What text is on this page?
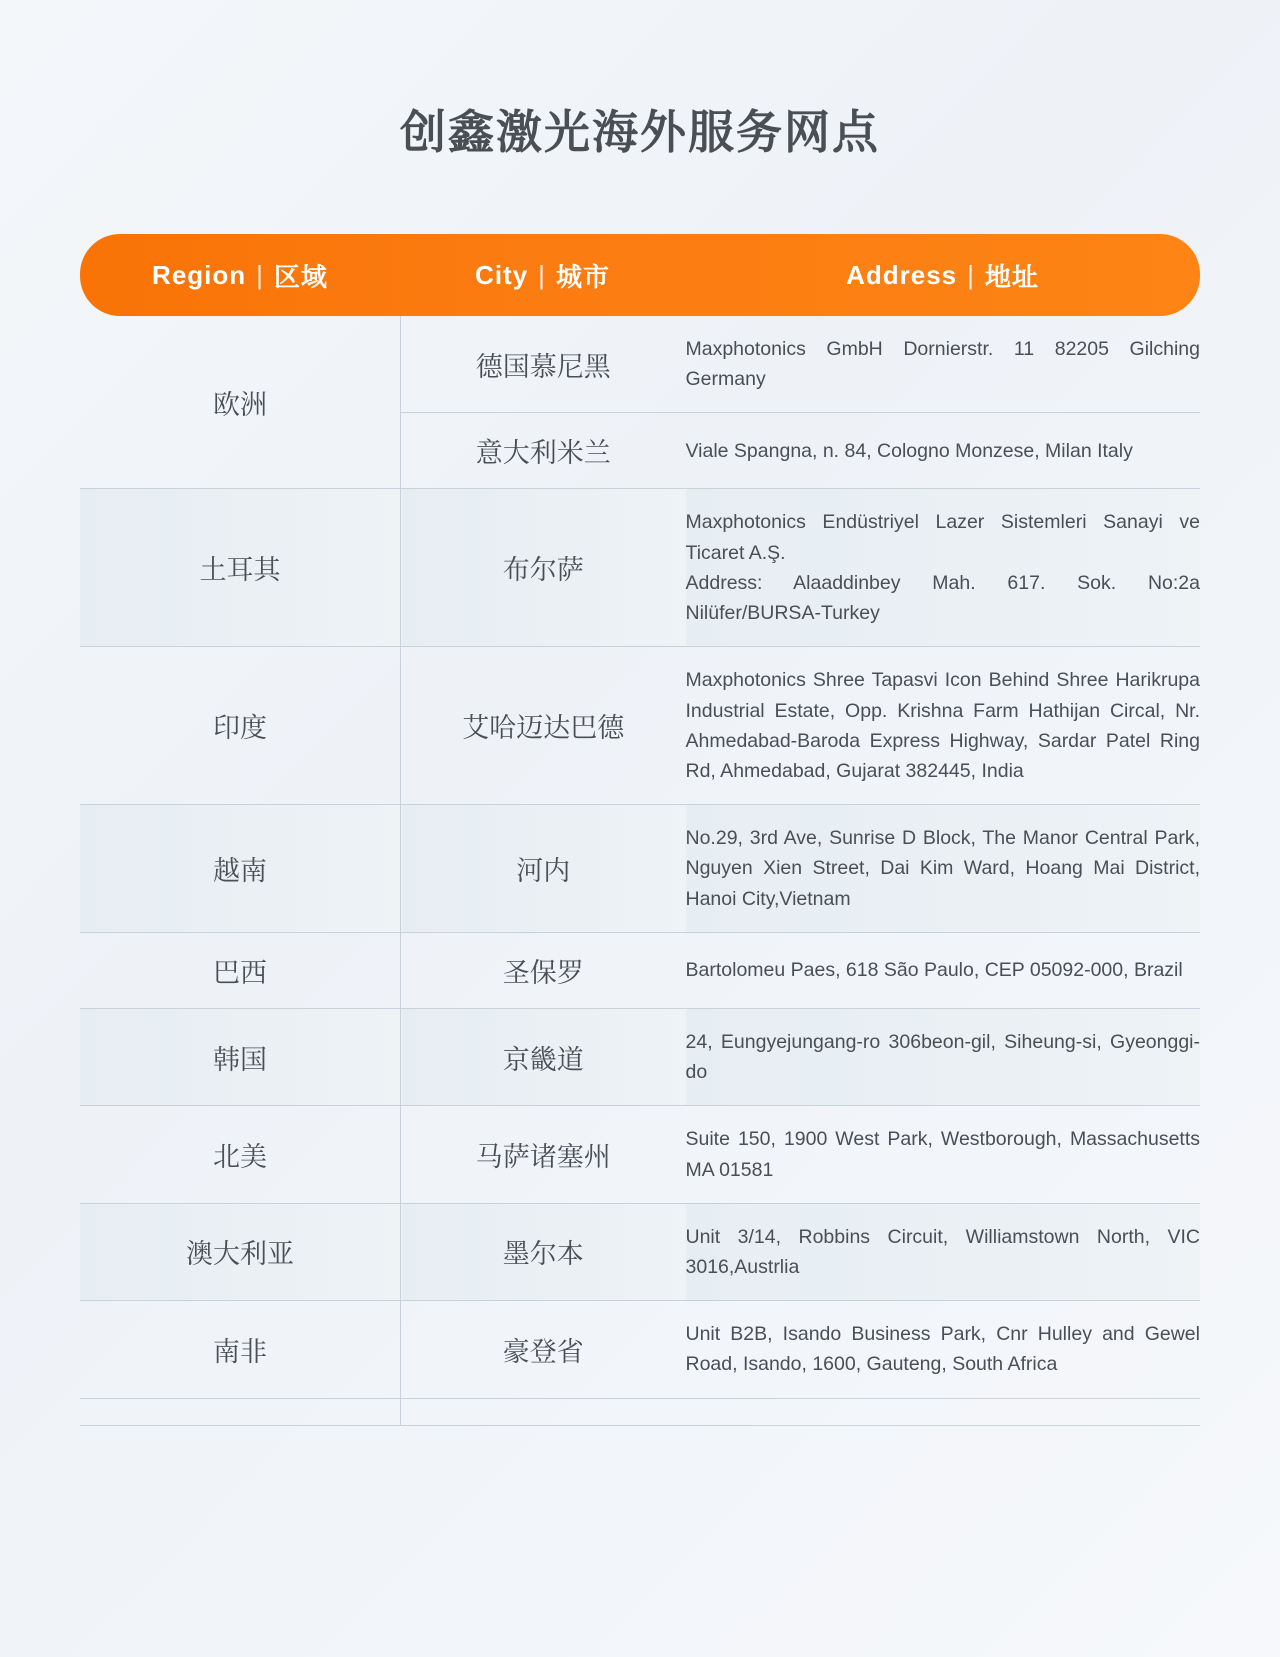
创鑫激光海外服务网点
Region | 区域	City | 城市	Address | 地址
欧洲	德国慕尼黑	Maxphotonics GmbH Dornierstr. 11 82205 Gilching Germany
	意大利米兰	Viale Spangna, n. 84, Cologno Monzese, Milan Italy
土耳其	布尔萨	Maxphotonics Endüstriyel Lazer Sistemleri Sanayi ve Ticaret A.Ş.
Address: Alaaddinbey Mah. 617. Sok. No:2a Nilüfer/BURSA-Turkey
印度	艾哈迈达巴德	Maxphotonics Shree Tapasvi Icon Behind Shree Harikrupa Industrial Estate, Opp. Krishna Farm Hathijan Circal, Nr. Ahmedabad-Baroda Express Highway, Sardar Patel Ring Rd, Ahmedabad, Gujarat 382445, India
越南	河内	No.29, 3rd Ave, Sunrise D Block, The Manor Central Park, Nguyen Xien Street, Dai Kim Ward, Hoang Mai District, Hanoi City,Vietnam
巴西	圣保罗	Bartolomeu Paes, 618 São Paulo, CEP 05092-000, Brazil
韩国	京畿道	24, Eungyejungang-ro 306beon-gil, Siheung-si, Gyeonggi-do
北美	马萨诸塞州	Suite 150, 1900 West Park, Westborough, Massachusetts MA 01581
澳大利亚	墨尔本	Unit 3/14, Robbins Circuit, Williamstown North, VIC 3016,Austrlia
南非	豪登省	Unit B2B, Isando Business Park, Cnr Hulley and Gewel Road, Isando, 1600, Gauteng, South Africa
